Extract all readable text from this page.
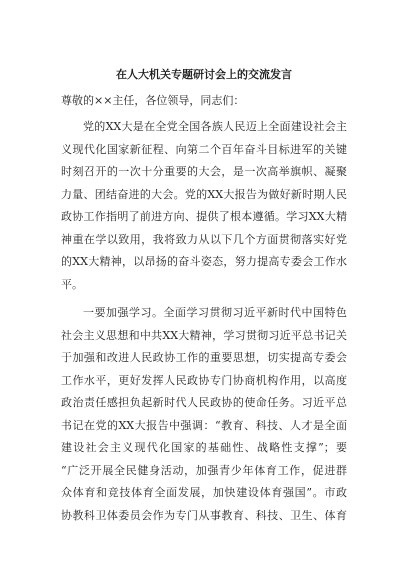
在人大机关专题研讨会上的交流发言
尊敬的××主任，各位领导，同志们：
党的XX大是在全党全国各族人民迈上全面建设社会主
义现代化国家新征程、向第二个百年奋斗目标进军的关键
时刻召开的一次十分重要的大会，是一次高举旗帜、凝聚
力量、团结奋进的大会。党的XX大报告为做好新时期人民
政协工作指明了前进方向、提供了根本遵循。学习XX大精
神重在学以致用，我将致力从以下几个方面贯彻落实好党
的XX大精神，以昂扬的奋斗姿态，努力提高专委会工作水
平。
一要加强学习。全面学习贯彻习近平新时代中国特色
社会主义思想和中共XX大精神，学习贯彻习近平总书记关
于加强和改进人民政协工作的重要思想，切实提高专委会
工作水平，更好发挥人民政协专门协商机构作用，以高度
政治责任感担负起新时代人民政协的使命任务。习近平总
书记在党的XX大报告中强调：“教育、科技、人才是全面
建设社会主义现代化国家的基础性、战略性支撑”；要
“广泛开展全民健身活动，加强青少年体育工作，促进群
众体育和竞技体育全面发展，加快建设体育强国”。市政
协教科卫体委员会作为专门从事教育、科技、卫生、体育
